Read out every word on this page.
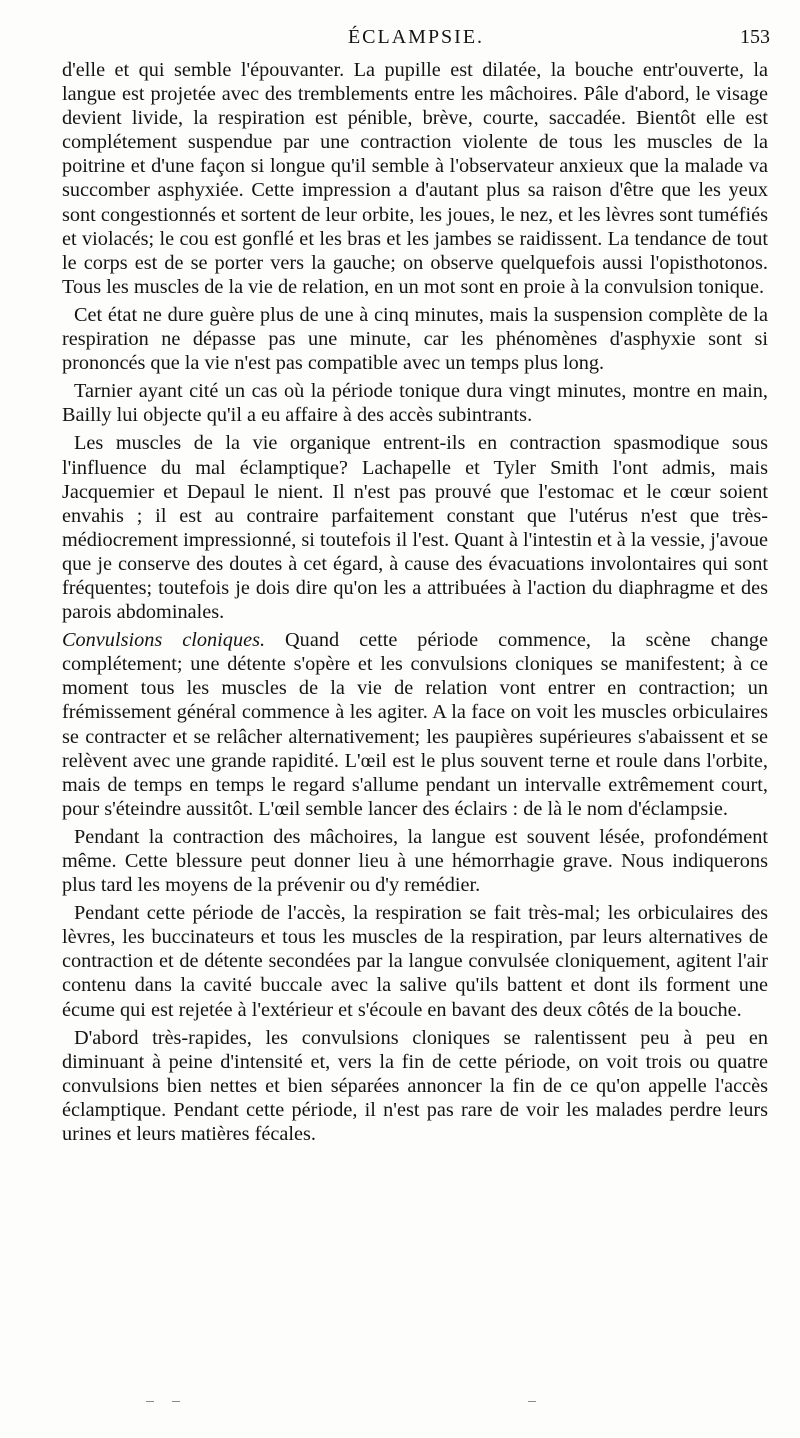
ÉCLAMPSIE.	153

d'elle et qui semble l'épouvanter. La pupille est dilatée, la bouche entr'ouverte, la langue est projetée avec des tremblements entre les mâchoires. Pâle d'abord, le visage devient livide, la respiration est pénible, brève, courte, saccadée. Bientôt elle est complétement suspendue par une contraction violente de tous les muscles de la poitrine et d'une façon si longue qu'il semble à l'observateur anxieux que la malade va succomber asphyxiée. Cette impression a d'autant plus sa raison d'être que les yeux sont congestionnés et sortent de leur orbite, les joues, le nez, et les lèvres sont tuméfiés et violacés; le cou est gonflé et les bras et les jambes se raidissent. La tendance de tout le corps est de se porter vers la gauche; on observe quelquefois aussi l'opisthotonos. Tous les muscles de la vie de relation, en un mot sont en proie à la convulsion tonique.

Cet état ne dure guère plus de une à cinq minutes, mais la suspension complète de la respiration ne dépasse pas une minute, car les phénomènes d'asphyxie sont si prononcés que la vie n'est pas compatible avec un temps plus long.

Tarnier ayant cité un cas où la période tonique dura vingt minutes, montre en main, Bailly lui objecte qu'il a eu affaire à des accès subintrants.

Les muscles de la vie organique entrent-ils en contraction spasmodique sous l'influence du mal éclamptique? Lachapelle et Tyler Smith l'ont admis, mais Jacquemier et Depaul le nient. Il n'est pas prouvé que l'estomac et le cœur soient envahis ; il est au contraire parfaitement constant que l'utérus n'est que très-médiocrement impressionné, si toutefois il l'est. Quant à l'intestin et à la vessie, j'avoue que je conserve des doutes à cet égard, à cause des évacuations involontaires qui sont fréquentes; toutefois je dois dire qu'on les a attribuées à l'action du diaphragme et des parois abdominales.

Convulsions cloniques. Quand cette période commence, la scène change complétement; une détente s'opère et les convulsions cloniques se manifestent; à ce moment tous les muscles de la vie de relation vont entrer en contraction; un frémissement général commence à les agiter. A la face on voit les muscles orbiculaires se contracter et se relâcher alternativement; les paupières supérieures s'abaissent et se relèvent avec une grande rapidité. L'œil est le plus souvent terne et roule dans l'orbite, mais de temps en temps le regard s'allume pendant un intervalle extrêmement court, pour s'éteindre aussitôt. L'œil semble lancer des éclairs : de là le nom d'éclampsie.

Pendant la contraction des mâchoires, la langue est souvent lésée, profondément même. Cette blessure peut donner lieu à une hémorrhagie grave. Nous indiquerons plus tard les moyens de la prévenir ou d'y remédier.

Pendant cette période de l'accès, la respiration se fait très-mal; les orbiculaires des lèvres, les buccinateurs et tous les muscles de la respiration, par leurs alternatives de contraction et de détente secondées par la langue convulsée cloniquement, agitent l'air contenu dans la cavité buccale avec la salive qu'ils battent et dont ils forment une écume qui est rejetée à l'extérieur et s'écoule en bavant des deux côtés de la bouche.

D'abord très-rapides, les convulsions cloniques se ralentissent peu à peu en diminuant à peine d'intensité et, vers la fin de cette période, on voit trois ou quatre convulsions bien nettes et bien séparées annoncer la fin de ce qu'on appelle l'accès éclamptique. Pendant cette période, il n'est pas rare de voir les malades perdre leurs urines et leurs matières fécales.
